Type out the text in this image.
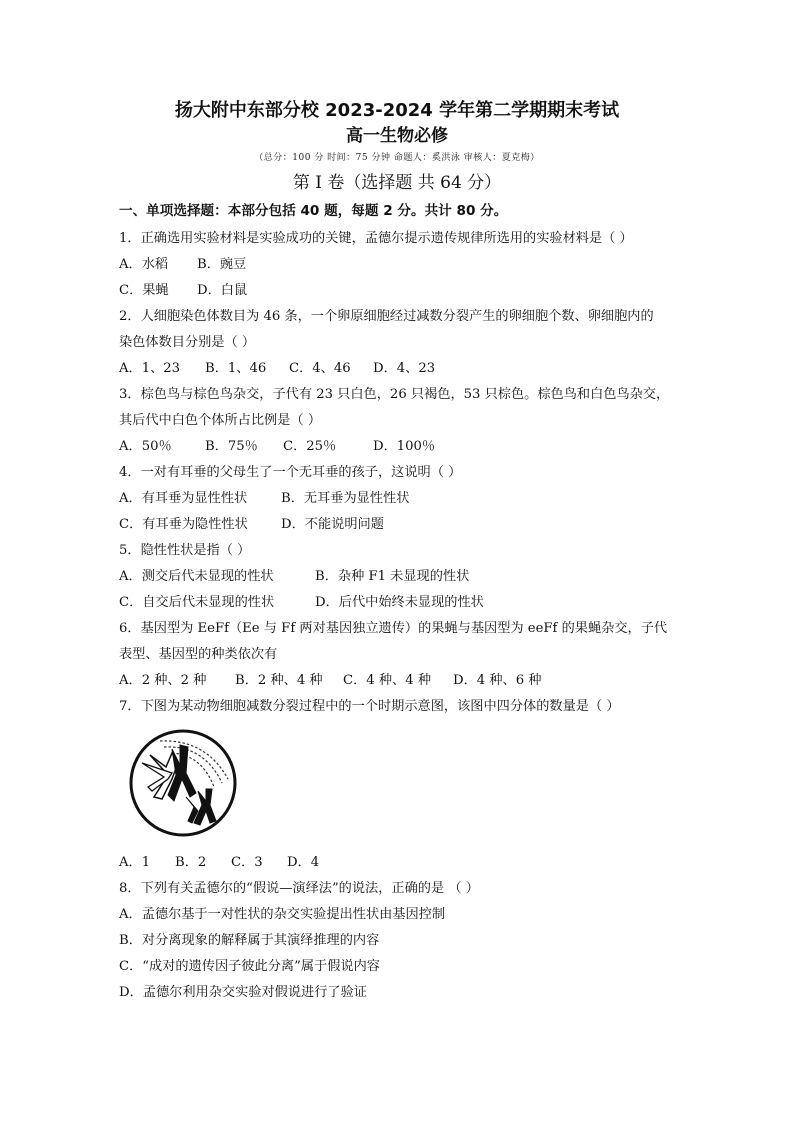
扬大附中东部分校 2023-2024 学年第二学期期末考试
高一生物必修
（总分：100 分 时间：75 分钟 命题人：奚洪泳 审核人：夏克梅）
第 I 卷（选择题 共 64 分）
一、单项选择题：本部分包括 40 题，每题 2 分。共计 80 分。
1．正确选用实验材料是实验成功的关键，孟德尔提示遗传规律所选用的实验材料是（ ）
A．水稻 B．豌豆
C．果蝇 D．白鼠
2．人细胞染色体数目为 46 条，一个卵原细胞经过减数分裂产生的卵细胞个数、卵细胞内的
染色体数目分别是（ ）
A．1、23 B．1、46 C．4、46 D．4、23
3．棕色鸟与棕色鸟杂交，子代有 23 只白色，26 只褐色，53 只棕色。棕色鸟和白色鸟杂交，
其后代中白色个体所占比例是（ ）
A．50％	B．75％ C．25％	D．100％
4．一对有耳垂的父母生了一个无耳垂的孩子，这说明（ ）
A．有耳垂为显性性状	B．无耳垂为显性性状
C．有耳垂为隐性性状	D．不能说明问题
5．隐性性状是指（ ）
A．测交后代未显现的性状	B．杂种 F1 未显现的性状
C．自交后代未显现的性状	D．后代中始终未显现的性状
6．基因型为 EeFf（Ee 与 Ff 两对基因独立遗传）的果蝇与基因型为 eeFf 的果蝇杂交，子代
表型、基因型的种类依次有
A．2 种、2 种 B．2 种、4 种 C．4 种、4 种 D．4 种、6 种
7．下图为某动物细胞减数分裂过程中的一个时期示意图，该图中四分体的数量是（ ）
A．1 B．2 C．3 D．4
8．下列有关孟德尔的“假说—演绎法”的说法，正确的是 （ ）
A．孟德尔基于一对性状的杂交实验提出性状由基因控制
B．对分离现象的解释属于其演绎推理的内容
C．“成对的遗传因子彼此分离”属于假说内容
D．孟德尔利用杂交实验对假说进行了验证
